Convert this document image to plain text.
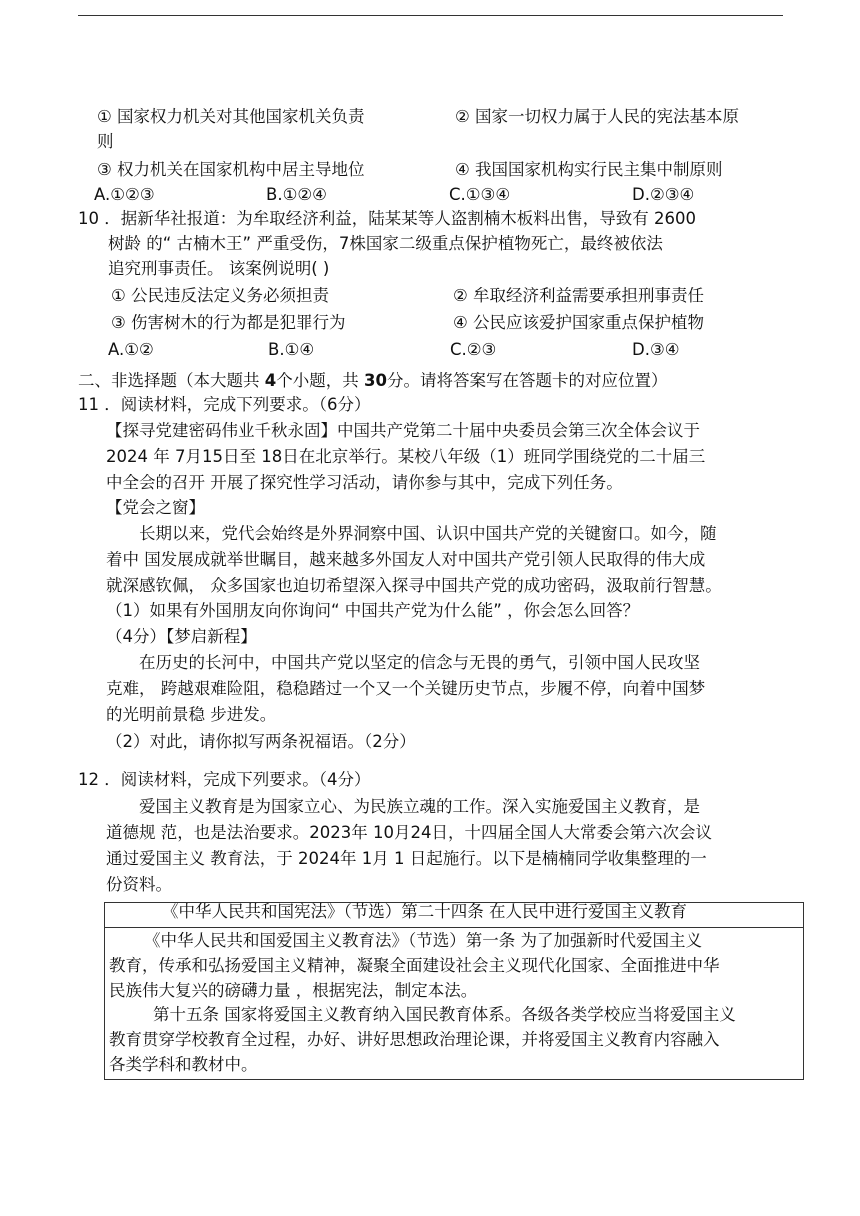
① 国家权力机关对其他国家机关负责	② 国家一切权力属于人民的宪法基本原
则
③ 权力机关在国家机构中居主导地位	④ 我国国家机构实行民主集中制原则
A.①②③	B.①②④	C.①③④	D.②③④
10 ．据新华社报道：为牟取经济利益，陆某某等人盗割楠木板料出售，导致有 2600
树龄 的“ 古楠木王” 严重受伤，7株国家二级重点保护植物死亡，最终被依法
追究刑事责任。 该案例说明( )
① 公民违反法定义务必须担责	② 牟取经济利益需要承担刑事责任
③ 伤害树木的行为都是犯罪行为	④ 公民应该爱护国家重点保护植物
A.①②	B.①④	C.②③	D.③④
二、非选择题（本大题共 4个小题，共 30分。请将答案写在答题卡的对应位置）
11 ．阅读材料，完成下列要求。（6分）
【探寻党建密码伟业千秋永固】中国共产党第二十届中央委员会第三次全体会议于
2024 年 7月15日至 18日在北京举行。某校八年级（1）班同学围绕党的二十届三
中全会的召开 开展了探究性学习活动，请你参与其中，完成下列任务。
【党会之窗】
长期以来，党代会始终是外界洞察中国、认识中国共产党的关键窗口。如今，随
着中 国发展成就举世瞩目，越来越多外国友人对中国共产党引领人民取得的伟大成
就深感钦佩， 众多国家也迫切希望深入探寻中国共产党的成功密码，汲取前行智慧。
（1）如果有外国朋友向你询问“ 中国共产党为什么能” ，你会怎么回答？
（4分）【梦启新程】
在历史的长河中，中国共产党以坚定的信念与无畏的勇气，引领中国人民攻坚
克难， 跨越艰难险阻，稳稳踏过一个又一个关键历史节点，步履不停，向着中国梦
的光明前景稳 步进发。
（2）对此，请你拟写两条祝福语。（2分）
12 ．阅读材料，完成下列要求。（4分）
爱国主义教育是为国家立心、为民族立魂的工作。深入实施爱国主义教育，是
道德规 范，也是法治要求。2023年 10月24日，十四届全国人大常委会第六次会议
通过爱国主义 教育法，于 2024年 1月 1 日起施行。以下是楠楠同学收集整理的一
份资料。
《中华人民共和国宪法》（节选）第二十四条 在人民中进行爱国主义教育
《中华人民共和国爱国主义教育法》（节选）第一条 为了加强新时代爱国主义
教育，传承和弘扬爱国主义精神，凝聚全面建设社会主义现代化国家、全面推进中华
民族伟大复兴的磅礴力量 ，根据宪法，制定本法。
第十五条 国家将爱国主义教育纳入国民教育体系。各级各类学校应当将爱国主义
教育贯穿学校教育全过程，办好、讲好思想政治理论课，并将爱国主义教育内容融入
各类学科和教材中。
